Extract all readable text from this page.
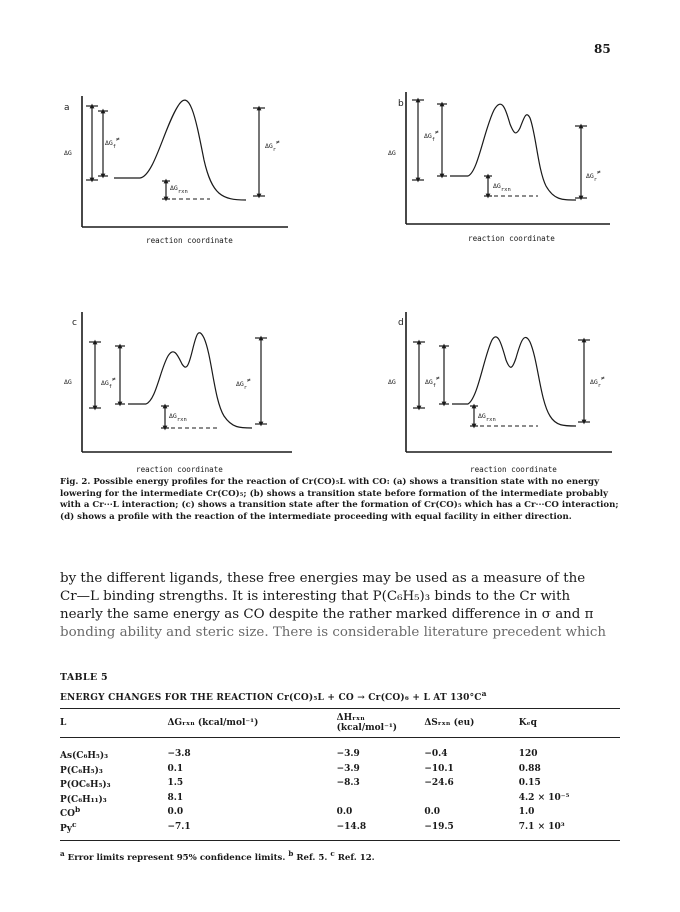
85
a
ΔG
$\Delta G_f\ne$
$\Delta G_{rxn}$
$\Delta G_r\ne$
reaction coordinate
b
ΔG
$\Delta G_f\ne$
$\Delta G_{rxn}$
$\Delta G_r\ne$
reaction coordinate
c
ΔG	$\Delta G_f\ne$
$\Delta G_{rxn}$
$\Delta G_r\ne$
reaction coordinate
d
ΔG	$\Delta G_f\ne$
$\Delta G_{rxn}$
$\Delta G_r\ne$
reaction coordinate
Fig. 2. Possible energy profiles for the reaction of Cr(CO)₅L with CO: (a) shows a transition state with no energy lowering for the intermediate Cr(CO)₅; (b) shows a transition state before formation of the intermediate probably with a Cr···L interaction; (c) shows a transition state after the formation of Cr(CO)₅ which has a Cr···CO interaction; (d) shows a profile with the reaction of the intermediate proceeding with equal facility in either direction.
by the different ligands, these free energies may be used as a measure of the
Cr—L binding strengths. It is interesting that P(C₆H₅)₃ binds to the Cr with
nearly the same energy as CO despite the rather marked difference in σ and π
bonding ability and steric size. There is considerable literature precedent which
TABLE 5
ENERGY CHANGES FOR THE REACTION Cr(CO)₅L + CO → Cr(CO)₆ + L AT $130^\circ C^a$
L	ΔGᵣₓₙ (kcal/mol⁻¹)	ΔHᵣₓₙ (kcal/mol⁻¹)	ΔSᵣₓₙ (eu)	Kₑq
As(C₆H₅)₃	−3.8	−3.9	−0.4	120
P(C₆H₅)₃	0.1	−3.9	−10.1	0.88
P(OC₆H₅)₃	1.5	−8.3	−24.6	0.15
P(C₆H₁₁)₃	8.1			4.2 × 10⁻⁵
$CO^b$	0.0	0.0	0.0	1.0
$Py^c$	−7.1	−14.8	−19.5	7.1 × 10³
$^a$ Error limits represent 95% confidence limits. $^b$ Ref. 5. $^c$ Ref. 12.
